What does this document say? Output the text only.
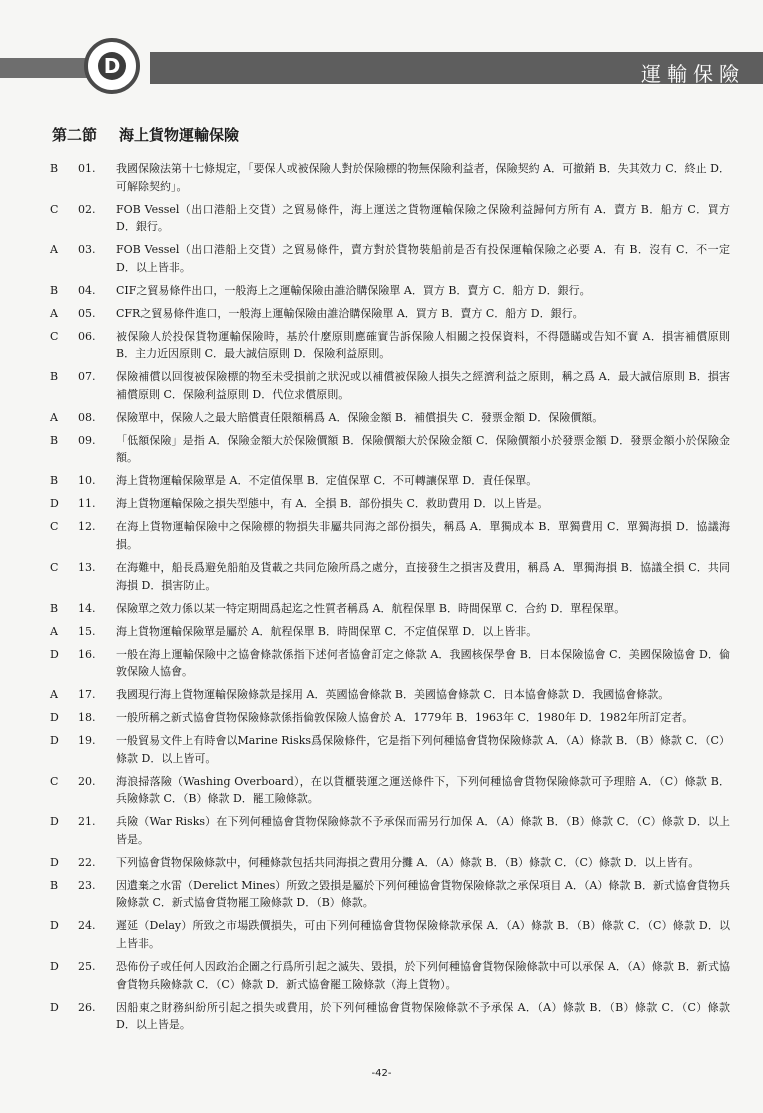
運輸保險
D
第二節 海上貨物運輸保險
B	01.	我國保險法第十七條規定，「要保人或被保險人對於保險標的物無保險利益者，保險契約 A．可撤銷 B．失其效力 C．終止 D．可解除契約」。
C	02.	FOB Vessel（出口港船上交貨）之貿易條件，海上運送之貨物運輸保險之保險利益歸何方所有 A．賣方 B．船方 C．買方 D．銀行。
A	03.	FOB Vessel（出口港船上交貨）之貿易條件，賣方對於貨物裝船前是否有投保運輸保險之必要 A．有 B．沒有 C．不一定 D．以上皆非。
B	04.	CIF之貿易條件出口，一般海上之運輸保險由誰洽購保險單 A．買方 B．賣方 C．船方 D．銀行。
A	05.	CFR之貿易條件進口，一般海上運輸保險由誰洽購保險單 A．買方 B．賣方 C．船方 D．銀行。
C	06.	被保險人於投保貨物運輸保險時，基於什麼原則應確實告訴保險人相關之投保資料，不得隱瞞或告知不實 A．損害補償原則 B．主力近因原則 C．最大誠信原則 D．保險利益原則。
B	07.	保險補償以回復被保險標的物至未受損前之狀況或以補償被保險人損失之經濟利益之原則，稱之爲 A．最大誠信原則 B．損害補償原則 C．保險利益原則 D．代位求償原則。
A	08.	保險單中，保險人之最大賠償責任限額稱爲 A．保險金額 B．補償損失 C．發票金額 D．保險價額。
B	09.	「低額保險」是指 A．保險金額大於保險價額 B．保險價額大於保險金額 C．保險價額小於發票金額 D．發票金額小於保險金額。
B	10.	海上貨物運輸保險單是 A．不定值保單 B．定值保單 C．不可轉讓保單 D．責任保單。
D	11.	海上貨物運輸保險之損失型態中，有 A．全損 B．部份損失 C．救助費用 D．以上皆是。
C	12.	在海上貨物運輸保險中之保險標的物損失非屬共同海之部份損失，稱爲 A．單獨成本 B．單獨費用 C．單獨海損 D．協議海損。
C	13.	在海難中，船長爲避免船舶及貨載之共同危險所爲之處分，直接發生之損害及費用，稱爲 A．單獨海損 B．協議全損 C．共同海損 D．損害防止。
B	14.	保險單之效力係以某一特定期間爲起迄之性質者稱爲 A．航程保單 B．時間保單 C．合約 D．單程保單。
A	15.	海上貨物運輸保險單是屬於 A．航程保單 B．時間保單 C．不定值保單 D．以上皆非。
D	16.	一般在海上運輸保險中之協會條款係指下述何者協會訂定之條款 A．我國核保學會 B．日本保險協會 C．美國保險協會 D．倫敦保險人協會。
A	17.	我國現行海上貨物運輸保險條款是採用 A．英國協會條款 B．美國協會條款 C．日本協會條款 D．我國協會條款。
D	18.	一般所稱之新式協會貨物保險條款係指倫敦保險人協會於 A．1779年 B．1963年 C．1980年 D．1982年所訂定者。
D	19.	一般貿易文件上有時會以Marine Risks爲保險條件，它是指下列何種協會貨物保險條款 A．（A）條款 B．（B）條款 C．（C）條款 D．以上皆可。
C	20.	海浪掃落險（Washing Overboard），在以貨櫃裝運之運送條件下，下列何種協會貨物保險條款可予理賠 A．（C）條款 B．兵險條款 C．（B）條款 D．罷工險條款。
D	21.	兵險（War Risks）在下列何種協會貨物保險條款不予承保而需另行加保 A．（A）條款 B．（B）條款 C．（C）條款 D．以上皆是。
D	22.	下列協會貨物保險條款中，何種條款包括共同海損之費用分攤 A．（A）條款 B．（B）條款 C．（C）條款 D．以上皆有。
B	23.	因遺棄之水雷（Derelict Mines）所致之毀損是屬於下列何種協會貨物保險條款之承保項目 A．（A）條款 B．新式協會貨物兵險條款 C．新式協會貨物罷工險條款 D．（B）條款。
D	24.	遲延（Delay）所致之市場跌價損失，可由下列何種協會貨物保險條款承保 A．（A）條款 B．（B）條款 C．（C）條款 D．以上皆非。
D	25.	恐佈份子或任何人因政治企圖之行爲所引起之滅失、毀損，於下列何種協會貨物保險條款中可以承保 A．（A）條款 B．新式協會貨物兵險條款 C．（C）條款 D．新式協會罷工險條款（海上貨物）。
D	26.	因船東之財務糾紛所引起之損失或費用，於下列何種協會貨物保險條款不予承保 A．（A）條款 B．（B）條款 C．（C）條款 D．以上皆是。
-42-
